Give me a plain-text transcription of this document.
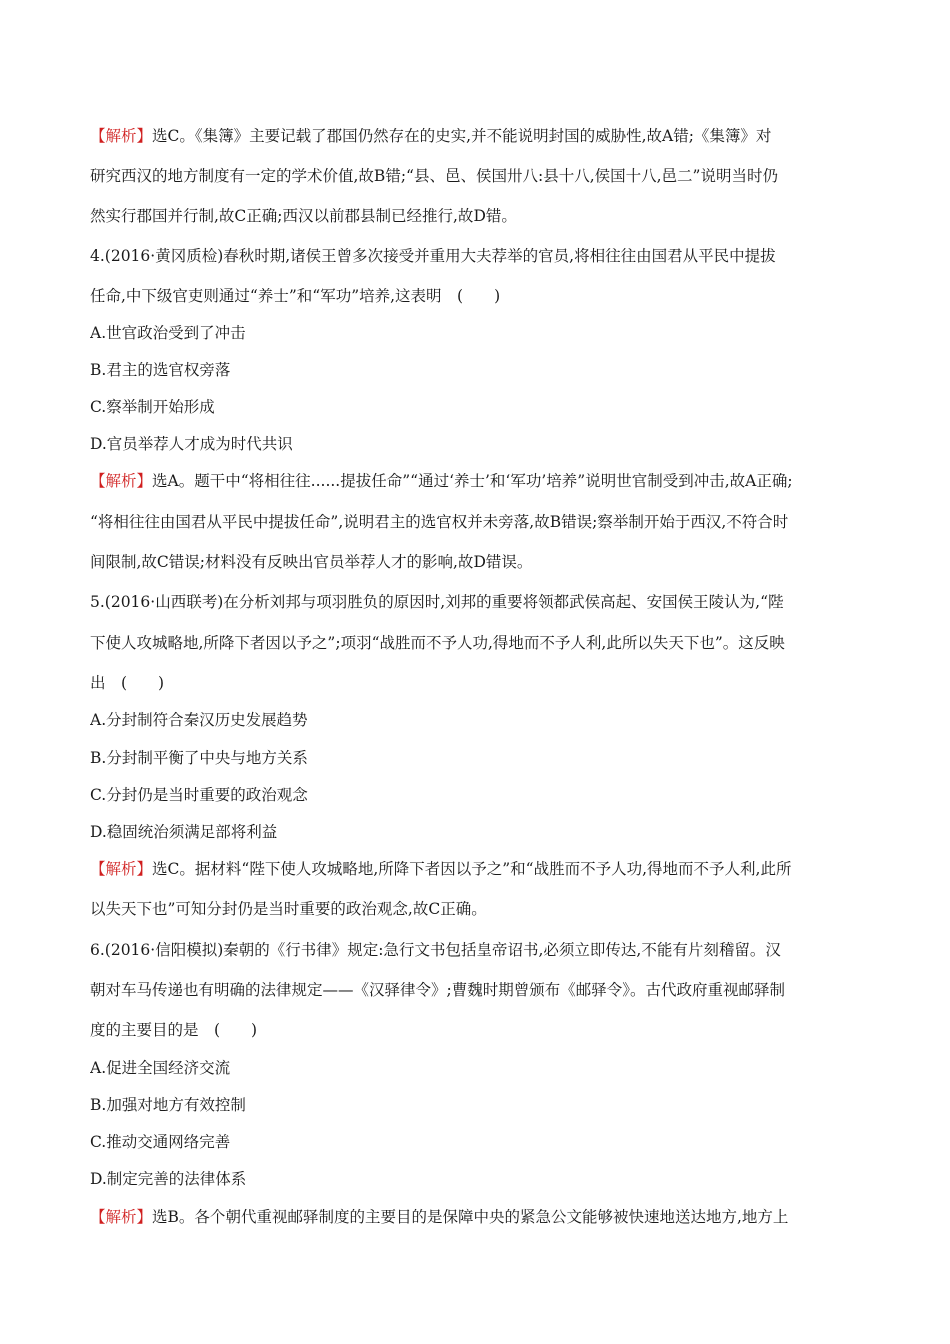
【解析】选C。《集簿》主要记载了郡国仍然存在的史实,并不能说明封国的威胁性,故A错;《集簿》对
研究西汉的地方制度有一定的学术价值,故B错;“县、邑、侯国卅八:县十八,侯国十八,邑二”说明当时仍
然实行郡国并行制,故C正确;西汉以前郡县制已经推行,故D错。
4.(2016·黄冈质检)春秋时期,诸侯王曾多次接受并重用大夫荐举的官员,将相往往由国君从平民中提拔
任命,中下级官吏则通过“养士”和“军功”培养,这表明　(　　)
A.世官政治受到了冲击
B.君主的选官权旁落
C.察举制开始形成
D.官员举荐人才成为时代共识
【解析】选A。题干中“将相往往......提拔任命”“通过‘养士’和‘军功’培养”说明世官制受到冲击,故A正确;
“将相往往由国君从平民中提拔任命”,说明君主的选官权并未旁落,故B错误;察举制开始于西汉,不符合时
间限制,故C错误;材料没有反映出官员举荐人才的影响,故D错误。
5.(2016·山西联考)在分析刘邦与项羽胜负的原因时,刘邦的重要将领都武侯高起、安国侯王陵认为,“陛
下使人攻城略地,所降下者因以予之”;项羽“战胜而不予人功,得地而不予人利,此所以失天下也”。这反映
出　(　　)
A.分封制符合秦汉历史发展趋势
B.分封制平衡了中央与地方关系
C.分封仍是当时重要的政治观念
D.稳固统治须满足部将利益
【解析】选C。据材料“陛下使人攻城略地,所降下者因以予之”和“战胜而不予人功,得地而不予人利,此所
以失天下也”可知分封仍是当时重要的政治观念,故C正确。
6.(2016·信阳模拟)秦朝的《行书律》规定:急行文书包括皇帝诏书,必须立即传达,不能有片刻稽留。汉
朝对车马传递也有明确的法律规定——《汉驿律令》;曹魏时期曾颁布《邮驿令》。古代政府重视邮驿制
度的主要目的是　(　　)
A.促进全国经济交流
B.加强对地方有效控制
C.推动交通网络完善
D.制定完善的法律体系
【解析】选B。各个朝代重视邮驿制度的主要目的是保障中央的紧急公文能够被快速地送达地方,地方上
